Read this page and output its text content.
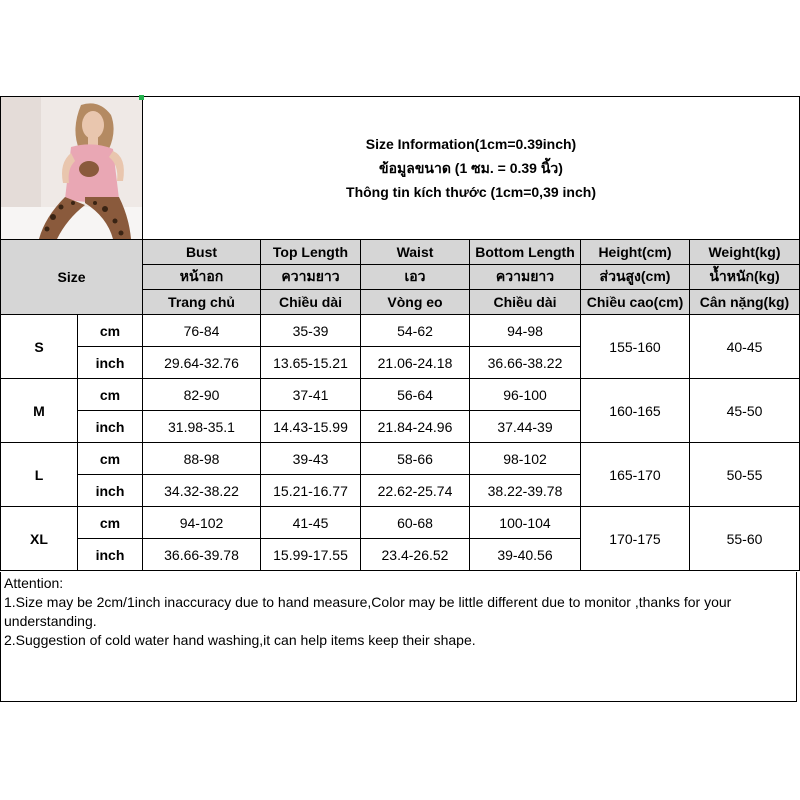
Size Information(1cm=0.39inch)
ข้อมูลขนาด (1 ซม. = 0.39 นิ้ว)
Thông tin kích thước (1cm=0,39 inch)					

Size		Bust	Top Length	Waist	Bottom Length	Height(cm)	Weight(kg)
		หน้าอก	ความยาว	เอว	ความยาว	ส่วนสูง(cm)	น้ำหนัก(kg)
		Trang chủ	Chiều dài	Vòng eo	Chiều dài	Chiều cao(cm)	Cân nặng(kg)
S	cm	76-84	35-39	54-62	94-98	155-160	40-45
	inch	29.64-32.76	13.65-15.21	21.06-24.18	36.66-38.22		
M	cm	82-90	37-41	56-64	96-100	160-165	45-50
	inch	31.98-35.1	14.43-15.99	21.84-24.96	37.44-39		
L	cm	88-98	39-43	58-66	98-102	165-170	50-55
	inch	34.32-38.22	15.21-16.77	22.62-25.74	38.22-39.78		
XL	cm	94-102	41-45	60-68	100-104	170-175	55-60
	inch	36.66-39.78	15.99-17.55	23.4-26.52	39-40.56		
Attention:
1.Size may be 2cm/1inch inaccuracy due to hand measure,Color may be little different due to monitor ,thanks for your understanding.
2.Suggestion of cold water hand washing,it can help items keep their shape.
